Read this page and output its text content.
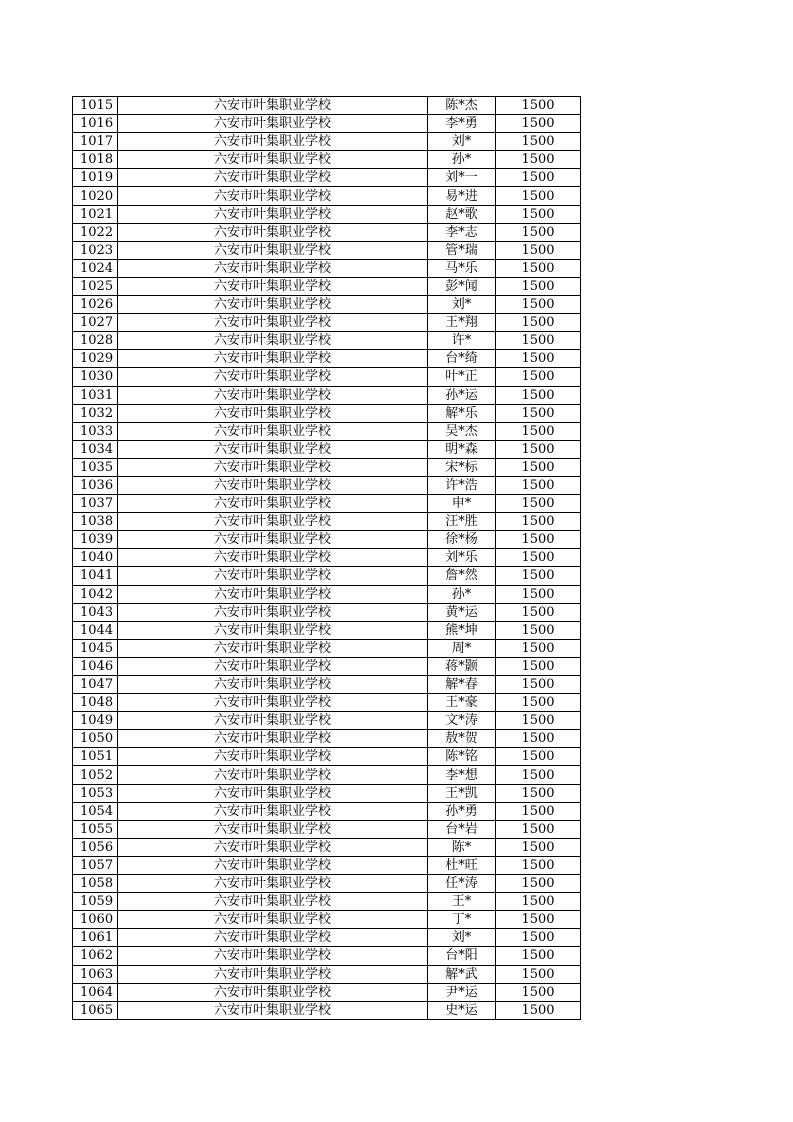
1015	六安市叶集职业学校	陈*杰	1500
1016	六安市叶集职业学校	李*勇	1500
1017	六安市叶集职业学校	刘*	1500
1018	六安市叶集职业学校	孙*	1500
1019	六安市叶集职业学校	刘*一	1500
1020	六安市叶集职业学校	易*进	1500
1021	六安市叶集职业学校	赵*歌	1500
1022	六安市叶集职业学校	李*志	1500
1023	六安市叶集职业学校	管*瑞	1500
1024	六安市叶集职业学校	马*乐	1500
1025	六安市叶集职业学校	彭*闻	1500
1026	六安市叶集职业学校	刘*	1500
1027	六安市叶集职业学校	王*翔	1500
1028	六安市叶集职业学校	许*	1500
1029	六安市叶集职业学校	台*绮	1500
1030	六安市叶集职业学校	叶*正	1500
1031	六安市叶集职业学校	孙*运	1500
1032	六安市叶集职业学校	解*乐	1500
1033	六安市叶集职业学校	吴*杰	1500
1034	六安市叶集职业学校	明*森	1500
1035	六安市叶集职业学校	宋*标	1500
1036	六安市叶集职业学校	许*浩	1500
1037	六安市叶集职业学校	申*	1500
1038	六安市叶集职业学校	汪*胜	1500
1039	六安市叶集职业学校	徐*杨	1500
1040	六安市叶集职业学校	刘*乐	1500
1041	六安市叶集职业学校	詹*然	1500
1042	六安市叶集职业学校	孙*	1500
1043	六安市叶集职业学校	黄*运	1500
1044	六安市叶集职业学校	熊*坤	1500
1045	六安市叶集职业学校	周*	1500
1046	六安市叶集职业学校	蒋*颢	1500
1047	六安市叶集职业学校	解*春	1500
1048	六安市叶集职业学校	王*豪	1500
1049	六安市叶集职业学校	文*涛	1500
1050	六安市叶集职业学校	敖*贺	1500
1051	六安市叶集职业学校	陈*铭	1500
1052	六安市叶集职业学校	李*想	1500
1053	六安市叶集职业学校	王*凯	1500
1054	六安市叶集职业学校	孙*勇	1500
1055	六安市叶集职业学校	台*岩	1500
1056	六安市叶集职业学校	陈*	1500
1057	六安市叶集职业学校	杜*旺	1500
1058	六安市叶集职业学校	任*涛	1500
1059	六安市叶集职业学校	王*	1500
1060	六安市叶集职业学校	丁*	1500
1061	六安市叶集职业学校	刘*	1500
1062	六安市叶集职业学校	台*阳	1500
1063	六安市叶集职业学校	解*武	1500
1064	六安市叶集职业学校	尹*运	1500
1065	六安市叶集职业学校	史*运	1500
